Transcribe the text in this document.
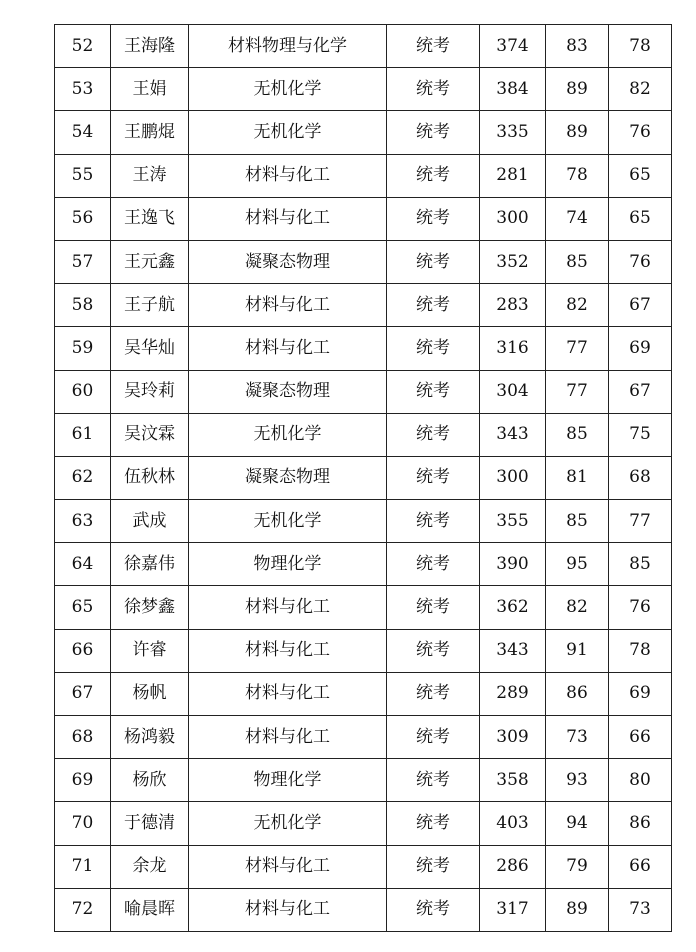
52	王海隆	材料物理与化学	统考	374	83	78
53	王娟	无机化学	统考	384	89	82
54	王鹏焜	无机化学	统考	335	89	76
55	王涛	材料与化工	统考	281	78	65
56	王逸飞	材料与化工	统考	300	74	65
57	王元鑫	凝聚态物理	统考	352	85	76
58	王子航	材料与化工	统考	283	82	67
59	吴华灿	材料与化工	统考	316	77	69
60	吴玲莉	凝聚态物理	统考	304	77	67
61	吴汶霖	无机化学	统考	343	85	75
62	伍秋林	凝聚态物理	统考	300	81	68
63	武成	无机化学	统考	355	85	77
64	徐嘉伟	物理化学	统考	390	95	85
65	徐梦鑫	材料与化工	统考	362	82	76
66	许睿	材料与化工	统考	343	91	78
67	杨帆	材料与化工	统考	289	86	69
68	杨鸿毅	材料与化工	统考	309	73	66
69	杨欣	物理化学	统考	358	93	80
70	于德清	无机化学	统考	403	94	86
71	余龙	材料与化工	统考	286	79	66
72	喻晨晖	材料与化工	统考	317	89	73
